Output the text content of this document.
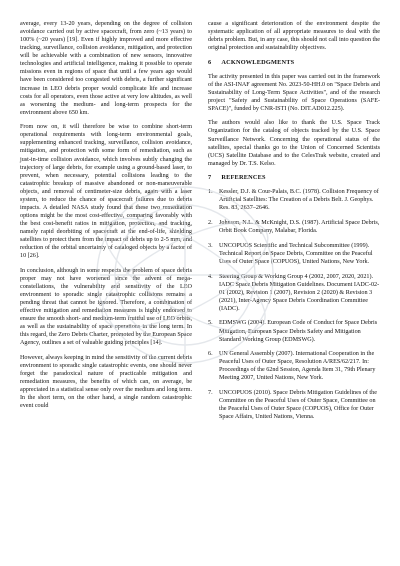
average, every 13-20 years, depending on the degree of collision avoidance carried out by active spacecraft, from zero (~13 years) to 100% (~20 years) [19]. Even if highly improved and more effective tracking, surveillance, collision avoidance, mitigation, and protection will be achievable with a combination of new sensors, innovative technologies and artificial intelligence, making it possible to operate missions even in regions of space that until a few years ago would have been considered too congested with debris, a further significant increase in LEO debris proper would complicate life and increase costs for all operators, even those active at very low altitudes, as well as worsening the medium- and long-term prospects for the environment above 650 km.

From now on, it will therefore be wise to combine short-term operational requirements with long-term environmental goals, supplementing enhanced tracking, surveillance, collision avoidance, mitigation, and protection with some form of remediation, such as just-in-time collision avoidance, which involves subtly changing the trajectory of large debris, for example using a ground-based laser, to prevent, when necessary, potential collisions leading to the catastrophic breakup of massive abandoned or non-maneuverable objects, and removal of centimeter-size debris, again with a laser system, to reduce the chance of spacecraft failures due to debris impacts. A detailed NASA study found that these two remediation options might be the most cost-effective, comparing favorably with the best cost-benefit ratios in mitigation, protection, and tracking, namely rapid deorbiting of spacecraft at the end-of-life, shielding satellites to protect them from the impact of debris up to 2-5 mm, and reduction of the orbital uncertainty of cataloged objects by a factor of 10 [26].

In conclusion, although in some respects the problem of space debris proper may not have worsened since the advent of mega-constellations, the vulnerability and sensitivity of the LEO environment to sporadic single catastrophic collisions remains a pending threat that cannot be ignored. Therefore, a combination of effective mitigation and remediation measures is highly endorsed to ensure the smooth short- and medium-term fruitful use of LEO orbits, as well as the sustainability of space operations in the long term. In this regard, the Zero Debris Charter, promoted by the European Space Agency, outlines a set of valuable guiding principles [14].

However, always keeping in mind the sensitivity of the current debris environment to sporadic single catastrophic events, one should never forget the paradoxical nature of practicable mitigation and remediation measures, the benefits of which can, on average, be appreciated in a statistical sense only over the medium and long term. In the short term, on the other hand, a single random catastrophic event could

cause a significant deterioration of the environment despite the systematic application of all appropriate measures to deal with the debris problem. But, in any case, this should not call into question the original protection and sustainability objectives.

6 ACKNOWLEDGMENTS

The activity presented in this paper was carried out in the framework of the ASI-INAF agreement No. 2023-50-HH.0 on "Space Debris and Sustainability of Long-Term Space Activities", and of the research project "Safety and Sustainability of Space Operations (SAFE-SPACE)", funded by CNR-ISTI (No. DIT.AD012.225).

The authors would also like to thank the U.S. Space Track Organization for the catalog of objects tracked by the U.S. Space Surveillance Network. Concerning the operational status of the satellites, special thanks go to the Union of Concerned Scientists (UCS) Satellite Database and to the CelesTrak website, created and managed by Dr. T.S. Kelso.

7 REFERENCES
1.	Kessler, D.J. & Cour-Palais, B.C. (1978). Collision Frequency of Artificial Satellites: The Creation of a Debris Belt. J. Geophys. Res. 83, 2637–2646.
2.	Johnson, N.L. & McKnight, D.S. (1987). Artificial Space Debris, Orbit Book Company, Malabar, Florida.
3.	UNCOPUOS Scientific and Technical Subcommittee (1999). Technical Report on Space Debris, Committee on the Peaceful Uses of Outer Space (COPUOS), United Nations, New York.
4.	Steering Group & Working Group 4 (2002, 2007, 2020, 2021). IADC Space Debris Mitigation Guidelines. Document IADC-02-01 (2002), Revision 1 (2007), Revision 2 (2020) & Revision 3 (2021), Inter-Agency Space Debris Coordination Committee (IADC).
5.	EDMSWG (2004). European Code of Conduct for Space Debris Mitigation, European Space Debris Safety and Mitigation Standard Working Group (EDMSWG).
6.	UN General Assembly (2007). International Cooperation in the Peaceful Uses of Outer Space, Resolution A/RES/62/217. In: Proceedings of the 62nd Session, Agenda Item 31, 79th Plenary Meeting 2007, United Nations, New York.
7.	UNCOPUOS (2010). Space Debris Mitigation Guidelines of the Committee on the Peaceful Uses of Outer Space, Committee on the Peaceful Uses of Outer Space (COPUOS), Office for Outer Space Affairs, United Nations, Vienna.
